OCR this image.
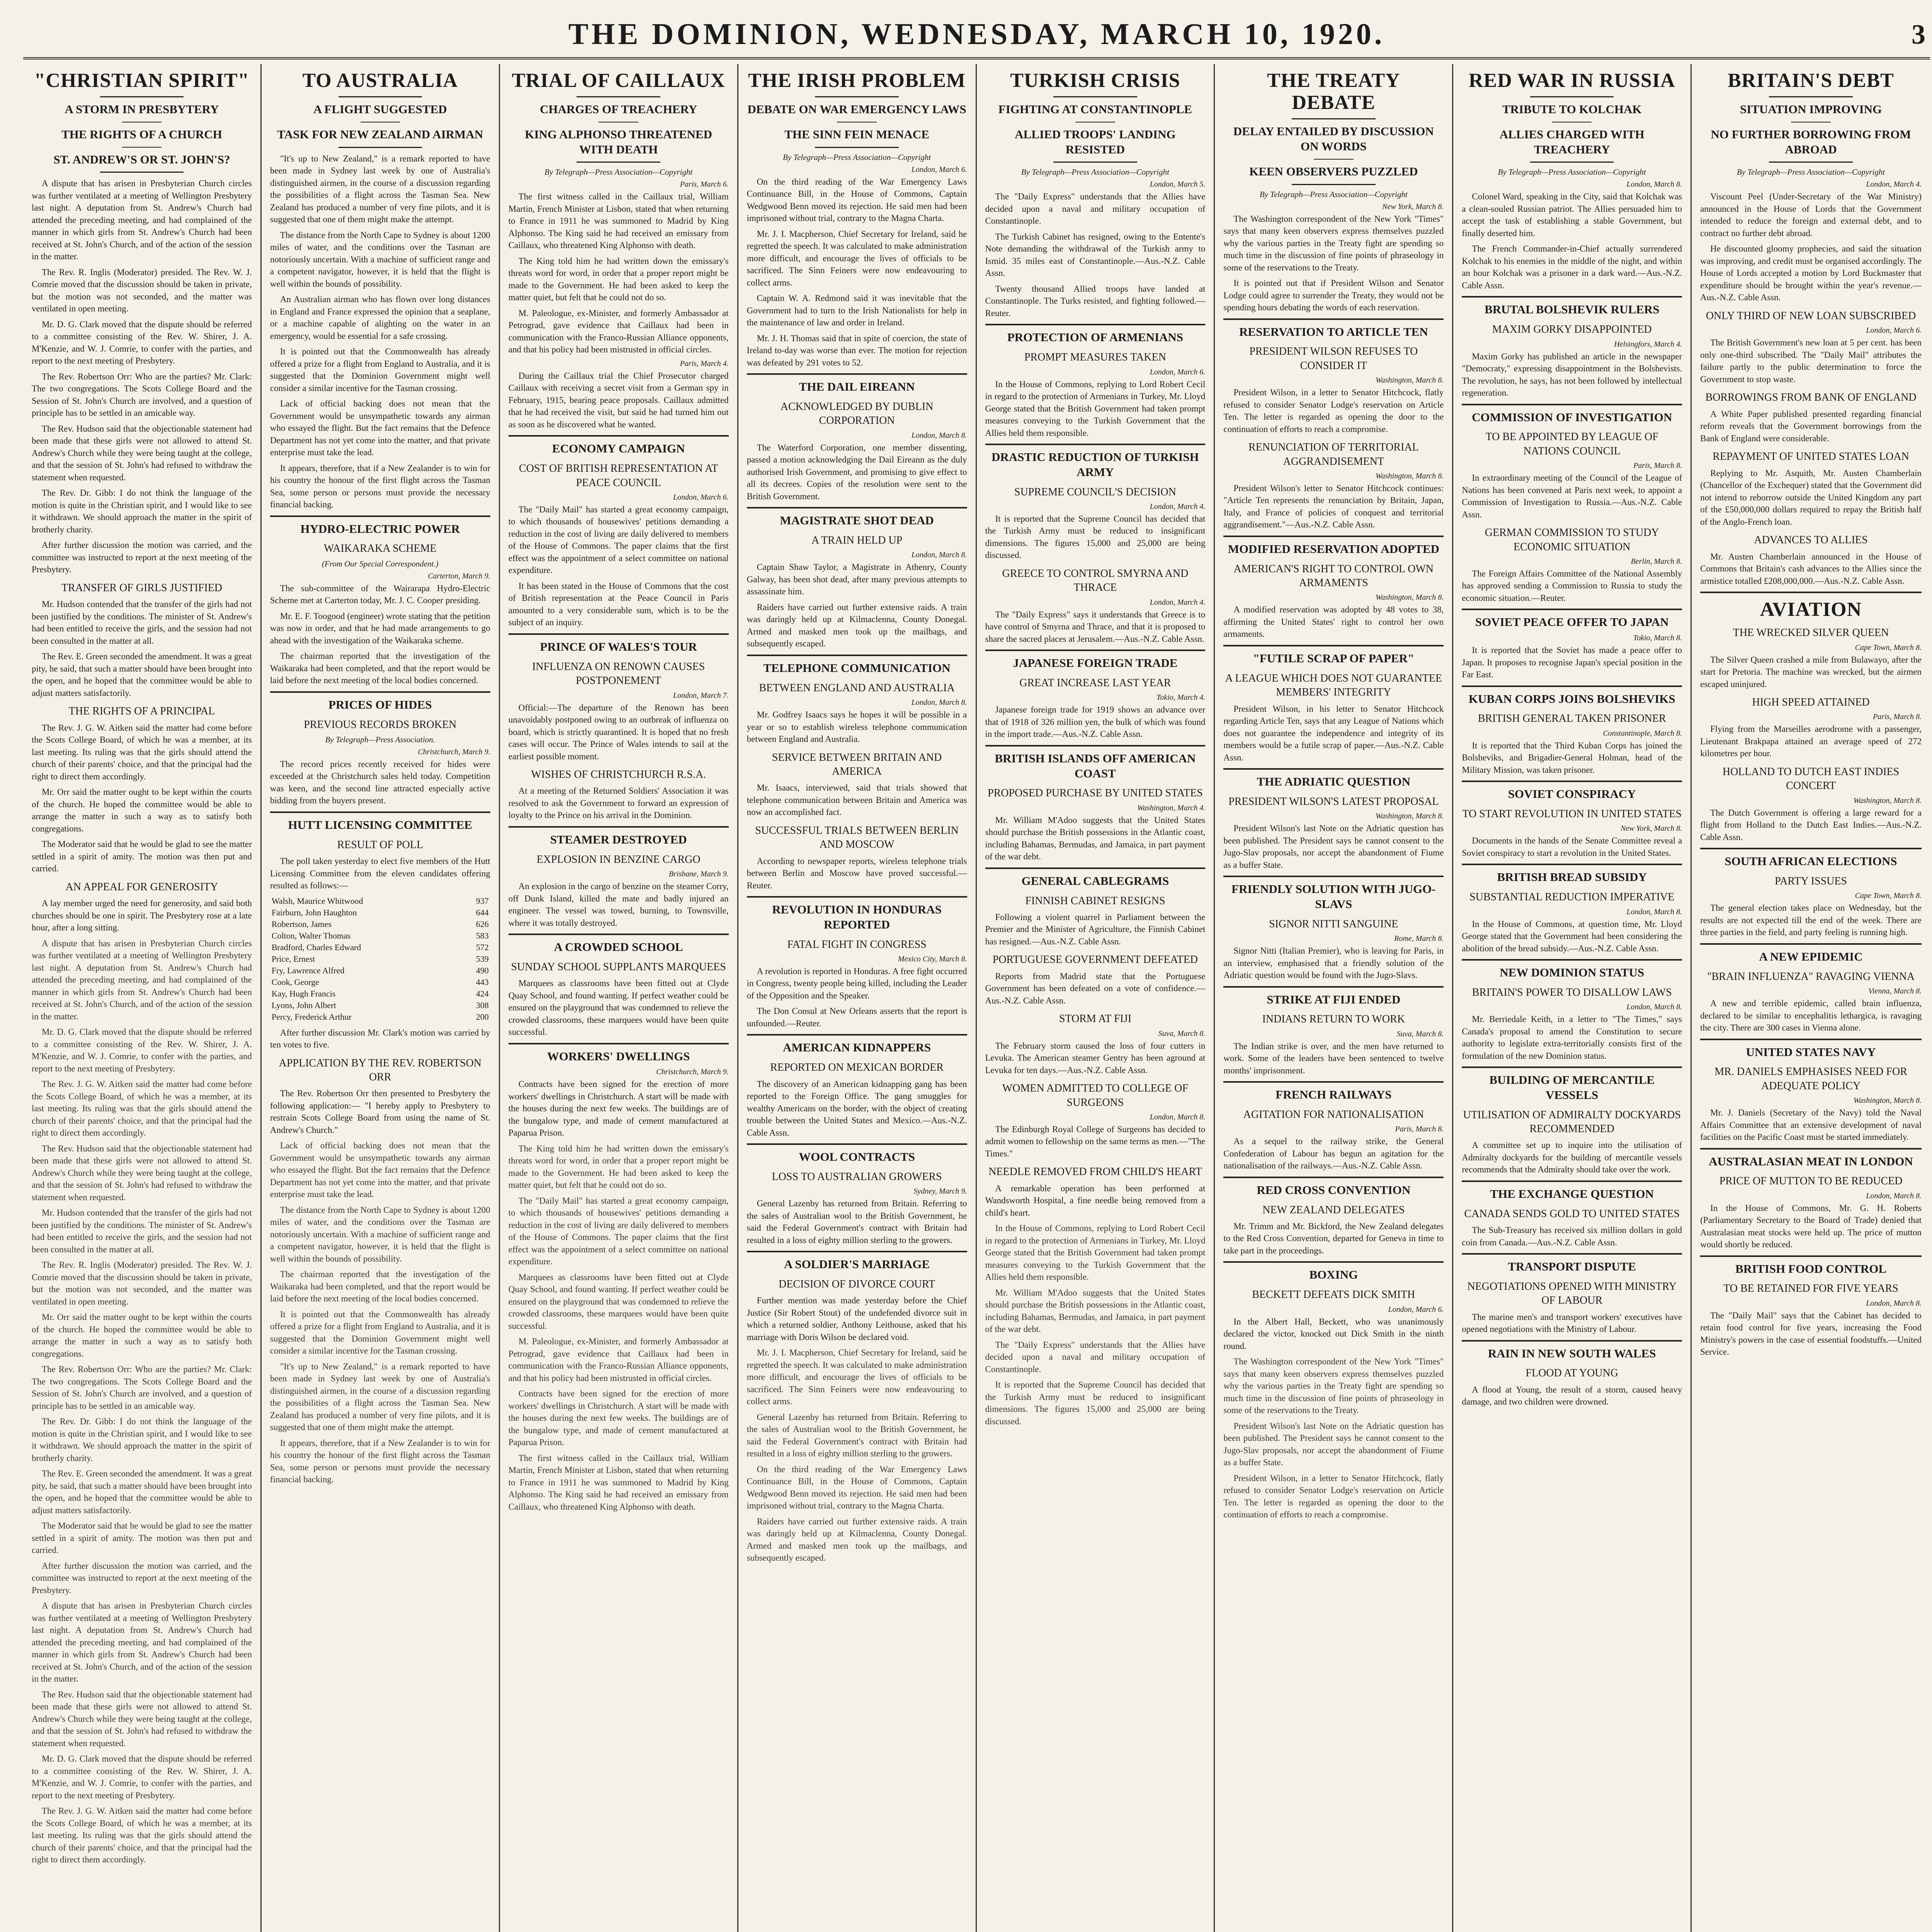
THE DOMINION, WEDNESDAY, MARCH 10, 1920.	3
"CHRISTIAN SPIRIT"
A STORM IN PRESBYTERY
THE RIGHTS OF A CHURCH
ST. ANDREW'S OR ST. JOHN'S?

A dispute that has arisen in Presbyterian Church circles was further ventilated at a meeting of Wellington Presbytery last night. A deputation from St. Andrew's Church had attended the preceding meeting, and had complained of the manner in which girls from St. Andrew's Church had been received at St. John's Church, and of the action of the session in the matter.

The Rev. R. Inglis (Moderator) presided. The Rev. W. J. Comrie moved that the discussion should be taken in private, but the motion was not seconded, and the matter was ventilated in open meeting.

Mr. D. G. Clark moved that the dispute should be referred to a committee consisting of the Rev. W. Shirer, J. A. M'Kenzie, and W. J. Comrie, to confer with the parties, and report to the next meeting of Presbytery.

The Rev. Robertson Orr: Who are the parties? Mr. Clark: The two congregations. The Scots College Board and the Session of St. John's Church are involved, and a question of principle has to be settled in an amicable way.

The Rev. Hudson said that the objectionable statement had been made that these girls were not allowed to attend St. Andrew's Church while they were being taught at the college, and that the session of St. John's had refused to withdraw the statement when requested.

The Rev. Dr. Gibb: I do not think the language of the motion is quite in the Christian spirit, and I would like to see it withdrawn. We should approach the matter in the spirit of brotherly charity.

After further discussion the motion was carried, and the committee was instructed to report at the next meeting of the Presbytery.

TRANSFER OF GIRLS JUSTIFIED

Mr. Hudson contended that the transfer of the girls had not been justified by the conditions. The minister of St. Andrew's had been entitled to receive the girls, and the session had not been consulted in the matter at all.

The Rev. E. Green seconded the amendment. It was a great pity, he said, that such a matter should have been brought into the open, and he hoped that the committee would be able to adjust matters satisfactorily.

THE RIGHTS OF A PRINCIPAL

The Rev. J. G. W. Aitken said the matter had come before the Scots College Board, of which he was a member, at its last meeting. Its ruling was that the girls should attend the church of their parents' choice, and that the principal had the right to direct them accordingly.

Mr. Orr said the matter ought to be kept within the courts of the church. He hoped the committee would be able to arrange the matter in such a way as to satisfy both congregations.

The Moderator said that he would be glad to see the matter settled in a spirit of amity. The motion was then put and carried.

AN APPEAL FOR GENEROSITY

A lay member urged the need for generosity, and said both churches should be one in spirit. The Presbytery rose at a late hour, after a long sitting.

A dispute that has arisen in Presbyterian Church circles was further ventilated at a meeting of Wellington Presbytery last night. A deputation from St. Andrew's Church had attended the preceding meeting, and had complained of the manner in which girls from St. Andrew's Church had been received at St. John's Church, and of the action of the session in the matter.

Mr. D. G. Clark moved that the dispute should be referred to a committee consisting of the Rev. W. Shirer, J. A. M'Kenzie, and W. J. Comrie, to confer with the parties, and report to the next meeting of Presbytery.

The Rev. J. G. W. Aitken said the matter had come before the Scots College Board, of which he was a member, at its last meeting. Its ruling was that the girls should attend the church of their parents' choice, and that the principal had the right to direct them accordingly.

The Rev. Hudson said that the objectionable statement had been made that these girls were not allowed to attend St. Andrew's Church while they were being taught at the college, and that the session of St. John's had refused to withdraw the statement when requested.

Mr. Hudson contended that the transfer of the girls had not been justified by the conditions. The minister of St. Andrew's had been entitled to receive the girls, and the session had not been consulted in the matter at all.

The Rev. R. Inglis (Moderator) presided. The Rev. W. J. Comrie moved that the discussion should be taken in private, but the motion was not seconded, and the matter was ventilated in open meeting.

Mr. Orr said the matter ought to be kept within the courts of the church. He hoped the committee would be able to arrange the matter in such a way as to satisfy both congregations.

The Rev. Robertson Orr: Who are the parties? Mr. Clark: The two congregations. The Scots College Board and the Session of St. John's Church are involved, and a question of principle has to be settled in an amicable way.

The Rev. Dr. Gibb: I do not think the language of the motion is quite in the Christian spirit, and I would like to see it withdrawn. We should approach the matter in the spirit of brotherly charity.

The Rev. E. Green seconded the amendment. It was a great pity, he said, that such a matter should have been brought into the open, and he hoped that the committee would be able to adjust matters satisfactorily.

The Moderator said that he would be glad to see the matter settled in a spirit of amity. The motion was then put and carried.

After further discussion the motion was carried, and the committee was instructed to report at the next meeting of the Presbytery.

A dispute that has arisen in Presbyterian Church circles was further ventilated at a meeting of Wellington Presbytery last night. A deputation from St. Andrew's Church had attended the preceding meeting, and had complained of the manner in which girls from St. Andrew's Church had been received at St. John's Church, and of the action of the session in the matter.

The Rev. Hudson said that the objectionable statement had been made that these girls were not allowed to attend St. Andrew's Church while they were being taught at the college, and that the session of St. John's had refused to withdraw the statement when requested.

Mr. D. G. Clark moved that the dispute should be referred to a committee consisting of the Rev. W. Shirer, J. A. M'Kenzie, and W. J. Comrie, to confer with the parties, and report to the next meeting of Presbytery.

The Rev. J. G. W. Aitken said the matter had come before the Scots College Board, of which he was a member, at its last meeting. Its ruling was that the girls should attend the church of their parents' choice, and that the principal had the right to direct them accordingly.

TO AUSTRALIA
A FLIGHT SUGGESTED
TASK FOR NEW ZEALAND AIRMAN

"It's up to New Zealand," is a remark reported to have been made in Sydney last week by one of Australia's distinguished airmen, in the course of a discussion regarding the possibilities of a flight across the Tasman Sea. New Zealand has produced a number of very fine pilots, and it is suggested that one of them might make the attempt.

The distance from the North Cape to Sydney is about 1200 miles of water, and the conditions over the Tasman are notoriously uncertain. With a machine of sufficient range and a competent navigator, however, it is held that the flight is well within the bounds of possibility.

An Australian airman who has flown over long distances in England and France expressed the opinion that a seaplane, or a machine capable of alighting on the water in an emergency, would be essential for a safe crossing.

It is pointed out that the Commonwealth has already offered a prize for a flight from England to Australia, and it is suggested that the Dominion Government might well consider a similar incentive for the Tasman crossing.

Lack of official backing does not mean that the Government would be unsympathetic towards any airman who essayed the flight. But the fact remains that the Defence Department has not yet come into the matter, and that private enterprise must take the lead.

It appears, therefore, that if a New Zealander is to win for his country the honour of the first flight across the Tasman Sea, some person or persons must provide the necessary financial backing.

HYDRO-ELECTRIC POWER
WAIKARAKA SCHEME
(From Our Special Correspondent.)
Carterton, March 9.

The sub-committee of the Wairarapa Hydro-Electric Scheme met at Carterton today, Mr. J. C. Cooper presiding.

Mr. E. F. Toogood (engineer) wrote stating that the petition was now in order, and that he had made arrangements to go ahead with the investigation of the Waikaraka scheme.

The chairman reported that the investigation of the Waikaraka had been completed, and that the report would be laid before the next meeting of the local bodies concerned.

PRICES OF HIDES
PREVIOUS RECORDS BROKEN
By Telegraph—Press Association.
Christchurch, March 9.

The record prices recently received for hides were exceeded at the Christchurch sales held today. Competition was keen, and the second line attracted especially active bidding from the buyers present.

HUTT LICENSING COMMITTEE
RESULT OF POLL

The poll taken yesterday to elect five members of the Hutt Licensing Committee from the eleven candidates offering resulted as follows:—

Walsh, Maurice Whitwood	937
Fairburn, John Haughton	644
Robertson, James	626
Colton, Walter Thomas	583
Bradford, Charles Edward	572
Price, Ernest	539
Fry, Lawrence Alfred	490
Cook, George	443
Kay, Hugh Francis	424
Lyons, John Albert	308
Percy, Frederick Arthur	200

After further discussion Mr. Clark's motion was carried by ten votes to five.

APPLICATION BY THE REV. ROBERTSON ORR

The Rev. Robertson Orr then presented to Presbytery the following application:— "I hereby apply to Presbytery to restrain Scots College Board from using the name of St. Andrew's Church."

Lack of official backing does not mean that the Government would be unsympathetic towards any airman who essayed the flight. But the fact remains that the Defence Department has not yet come into the matter, and that private enterprise must take the lead.

The distance from the North Cape to Sydney is about 1200 miles of water, and the conditions over the Tasman are notoriously uncertain. With a machine of sufficient range and a competent navigator, however, it is held that the flight is well within the bounds of possibility.

The chairman reported that the investigation of the Waikaraka had been completed, and that the report would be laid before the next meeting of the local bodies concerned.

It is pointed out that the Commonwealth has already offered a prize for a flight from England to Australia, and it is suggested that the Dominion Government might well consider a similar incentive for the Tasman crossing.

"It's up to New Zealand," is a remark reported to have been made in Sydney last week by one of Australia's distinguished airmen, in the course of a discussion regarding the possibilities of a flight across the Tasman Sea. New Zealand has produced a number of very fine pilots, and it is suggested that one of them might make the attempt.

It appears, therefore, that if a New Zealander is to win for his country the honour of the first flight across the Tasman Sea, some person or persons must provide the necessary financial backing.

TRIAL OF CAILLAUX
CHARGES OF TREACHERY
KING ALPHONSO THREATENED WITH DEATH
By Telegraph—Press Association—Copyright
Paris, March 6.

The first witness called in the Caillaux trial, William Martin, French Minister at Lisbon, stated that when returning to France in 1911 he was summoned to Madrid by King Alphonso. The King said he had received an emissary from Caillaux, who threatened King Alphonso with death.

The King told him he had written down the emissary's threats word for word, in order that a proper report might be made to the Government. He had been asked to keep the matter quiet, but felt that he could not do so.

M. Paleologue, ex-Minister, and formerly Ambassador at Petrograd, gave evidence that Caillaux had been in communication with the Franco-Russian Alliance opponents, and that his policy had been mistrusted in official circles.

Paris, March 4.

During the Caillaux trial the Chief Prosecutor charged Caillaux with receiving a secret visit from a German spy in February, 1915, bearing peace proposals. Caillaux admitted that he had received the visit, but said he had turned him out as soon as he discovered what he wanted.

ECONOMY CAMPAIGN
COST OF BRITISH REPRESENTATION AT PEACE COUNCIL
London, March 6.

The "Daily Mail" has started a great economy campaign, to which thousands of housewives' petitions demanding a reduction in the cost of living are daily delivered to members of the House of Commons. The paper claims that the first effect was the appointment of a select committee on national expenditure.

It has been stated in the House of Commons that the cost of British representation at the Peace Council in Paris amounted to a very considerable sum, which is to be the subject of an inquiry.

PRINCE OF WALES'S TOUR
INFLUENZA ON RENOWN CAUSES POSTPONEMENT
London, March 7.

Official:—The departure of the Renown has been unavoidably postponed owing to an outbreak of influenza on board, which is strictly quarantined. It is hoped that no fresh cases will occur. The Prince of Wales intends to sail at the earliest possible moment.

WISHES OF CHRISTCHURCH R.S.A.

At a meeting of the Returned Soldiers' Association it was resolved to ask the Government to forward an expression of loyalty to the Prince on his arrival in the Dominion.

STEAMER DESTROYED
EXPLOSION IN BENZINE CARGO
Brisbane, March 9.

An explosion in the cargo of benzine on the steamer Corry, off Dunk Island, killed the mate and badly injured an engineer. The vessel was towed, burning, to Townsville, where it was totally destroyed.

A CROWDED SCHOOL
SUNDAY SCHOOL SUPPLANTS MARQUEES

Marquees as classrooms have been fitted out at Clyde Quay School, and found wanting. If perfect weather could be ensured on the playground that was condemned to relieve the crowded classrooms, these marquees would have been quite successful.

WORKERS' DWELLINGS
Christchurch, March 9.

Contracts have been signed for the erection of more workers' dwellings in Christchurch. A start will be made with the houses during the next few weeks. The buildings are of the bungalow type, and made of cement manufactured at Paparua Prison.

The King told him he had written down the emissary's threats word for word, in order that a proper report might be made to the Government. He had been asked to keep the matter quiet, but felt that he could not do so.

The "Daily Mail" has started a great economy campaign, to which thousands of housewives' petitions demanding a reduction in the cost of living are daily delivered to members of the House of Commons. The paper claims that the first effect was the appointment of a select committee on national expenditure.

Marquees as classrooms have been fitted out at Clyde Quay School, and found wanting. If perfect weather could be ensured on the playground that was condemned to relieve the crowded classrooms, these marquees would have been quite successful.

M. Paleologue, ex-Minister, and formerly Ambassador at Petrograd, gave evidence that Caillaux had been in communication with the Franco-Russian Alliance opponents, and that his policy had been mistrusted in official circles.

Contracts have been signed for the erection of more workers' dwellings in Christchurch. A start will be made with the houses during the next few weeks. The buildings are of the bungalow type, and made of cement manufactured at Paparua Prison.

The first witness called in the Caillaux trial, William Martin, French Minister at Lisbon, stated that when returning to France in 1911 he was summoned to Madrid by King Alphonso. The King said he had received an emissary from Caillaux, who threatened King Alphonso with death.

THE IRISH PROBLEM
DEBATE ON WAR EMERGENCY LAWS
THE SINN FEIN MENACE
By Telegraph—Press Association—Copyright
London, March 6.

On the third reading of the War Emergency Laws Continuance Bill, in the House of Commons, Captain Wedgwood Benn moved its rejection. He said men had been imprisoned without trial, contrary to the Magna Charta.

Mr. J. I. Macpherson, Chief Secretary for Ireland, said he regretted the speech. It was calculated to make administration more difficult, and encourage the lives of officials to be sacrificed. The Sinn Feiners were now endeavouring to collect arms.

Captain W. A. Redmond said it was inevitable that the Government had to turn to the Irish Nationalists for help in the maintenance of law and order in Ireland.

Mr. J. H. Thomas said that in spite of coercion, the state of Ireland to-day was worse than ever. The motion for rejection was defeated by 291 votes to 52.

THE DAIL EIREANN
ACKNOWLEDGED BY DUBLIN CORPORATION
London, March 8.

The Waterford Corporation, one member dissenting, passed a motion acknowledging the Dail Eireann as the duly authorised Irish Government, and promising to give effect to all its decrees. Copies of the resolution were sent to the British Government.

MAGISTRATE SHOT DEAD
A TRAIN HELD UP
London, March 8.

Captain Shaw Taylor, a Magistrate in Athenry, County Galway, has been shot dead, after many previous attempts to assassinate him.

Raiders have carried out further extensive raids. A train was daringly held up at Kilmaclenna, County Donegal. Armed and masked men took up the mailbags, and subsequently escaped.

TELEPHONE COMMUNICATION
BETWEEN ENGLAND AND AUSTRALIA
London, March 8.

Mr. Godfrey Isaacs says he hopes it will be possible in a year or so to establish wireless telephone communication between England and Australia.

SERVICE BETWEEN BRITAIN AND AMERICA

Mr. Isaacs, interviewed, said that trials showed that telephone communication between Britain and America was now an accomplished fact.

SUCCESSFUL TRIALS BETWEEN BERLIN AND MOSCOW

According to newspaper reports, wireless telephone trials between Berlin and Moscow have proved successful.—Reuter.

REVOLUTION IN HONDURAS REPORTED
FATAL FIGHT IN CONGRESS
Mexico City, March 8.

A revolution is reported in Honduras. A free fight occurred in Congress, twenty people being killed, including the Leader of the Opposition and the Speaker.

The Don Consul at New Orleans asserts that the report is unfounded.—Reuter.

AMERICAN KIDNAPPERS
REPORTED ON MEXICAN BORDER

The discovery of an American kidnapping gang has been reported to the Foreign Office. The gang smuggles for wealthy Americans on the border, with the object of creating trouble between the United States and Mexico.—Aus.-N.Z. Cable Assn.

WOOL CONTRACTS
LOSS TO AUSTRALIAN GROWERS
Sydney, March 9.

General Lazenby has returned from Britain. Referring to the sales of Australian wool to the British Government, he said the Federal Government's contract with Britain had resulted in a loss of eighty million sterling to the growers.

A SOLDIER'S MARRIAGE
DECISION OF DIVORCE COURT

Further mention was made yesterday before the Chief Justice (Sir Robert Stout) of the undefended divorce suit in which a returned soldier, Anthony Leithouse, asked that his marriage with Doris Wilson be declared void.

Mr. J. I. Macpherson, Chief Secretary for Ireland, said he regretted the speech. It was calculated to make administration more difficult, and encourage the lives of officials to be sacrificed. The Sinn Feiners were now endeavouring to collect arms.

General Lazenby has returned from Britain. Referring to the sales of Australian wool to the British Government, he said the Federal Government's contract with Britain had resulted in a loss of eighty million sterling to the growers.

On the third reading of the War Emergency Laws Continuance Bill, in the House of Commons, Captain Wedgwood Benn moved its rejection. He said men had been imprisoned without trial, contrary to the Magna Charta.

Raiders have carried out further extensive raids. A train was daringly held up at Kilmaclenna, County Donegal. Armed and masked men took up the mailbags, and subsequently escaped.

TURKISH CRISIS
FIGHTING AT CONSTANTINOPLE
ALLIED TROOPS' LANDING RESISTED
By Telegraph—Press Association—Copyright
London, March 5.

The "Daily Express" understands that the Allies have decided upon a naval and military occupation of Constantinople.

The Turkish Cabinet has resigned, owing to the Entente's Note demanding the withdrawal of the Turkish army to Ismid. 35 miles east of Constantinople.—Aus.-N.Z. Cable Assn.

Twenty thousand Allied troops have landed at Constantinople. The Turks resisted, and fighting followed.—Reuter.

PROTECTION OF ARMENIANS
PROMPT MEASURES TAKEN
London, March 6.

In the House of Commons, replying to Lord Robert Cecil in regard to the protection of Armenians in Turkey, Mr. Lloyd George stated that the British Government had taken prompt measures conveying to the Turkish Government that the Allies held them responsible.

DRASTIC REDUCTION OF TURKISH ARMY
SUPREME COUNCIL'S DECISION
London, March 4.

It is reported that the Supreme Council has decided that the Turkish Army must be reduced to insignificant dimensions. The figures 15,000 and 25,000 are being discussed.

GREECE TO CONTROL SMYRNA AND THRACE
London, March 4.

The "Daily Express" says it understands that Greece is to have control of Smyrna and Thrace, and that it is proposed to share the sacred places at Jerusalem.—Aus.-N.Z. Cable Assn.

JAPANESE FOREIGN TRADE
GREAT INCREASE LAST YEAR
Tokio, March 4.

Japanese foreign trade for 1919 shows an advance over that of 1918 of 326 million yen, the bulk of which was found in the import trade.—Aus.-N.Z. Cable Assn.

BRITISH ISLANDS OFF AMERICAN COAST
PROPOSED PURCHASE BY UNITED STATES
Washington, March 4.

Mr. William M'Adoo suggests that the United States should purchase the British possessions in the Atlantic coast, including Bahamas, Bermudas, and Jamaica, in part payment of the war debt.

GENERAL CABLEGRAMS
FINNISH CABINET RESIGNS

Following a violent quarrel in Parliament between the Premier and the Minister of Agriculture, the Finnish Cabinet has resigned.—Aus.-N.Z. Cable Assn.

PORTUGUESE GOVERNMENT DEFEATED

Reports from Madrid state that the Portuguese Government has been defeated on a vote of confidence.—Aus.-N.Z. Cable Assn.

STORM AT FIJI
Suva, March 8.

The February storm caused the loss of four cutters in Levuka. The American steamer Gentry has been aground at Levuka for ten days.—Aus.-N.Z. Cable Assn.

WOMEN ADMITTED TO COLLEGE OF SURGEONS
London, March 8.

The Edinburgh Royal College of Surgeons has decided to admit women to fellowship on the same terms as men.—"The Times."

NEEDLE REMOVED FROM CHILD'S HEART

A remarkable operation has been performed at Wandsworth Hospital, a fine needle being removed from a child's heart.

In the House of Commons, replying to Lord Robert Cecil in regard to the protection of Armenians in Turkey, Mr. Lloyd George stated that the British Government had taken prompt measures conveying to the Turkish Government that the Allies held them responsible.

Mr. William M'Adoo suggests that the United States should purchase the British possessions in the Atlantic coast, including Bahamas, Bermudas, and Jamaica, in part payment of the war debt.

The "Daily Express" understands that the Allies have decided upon a naval and military occupation of Constantinople.

It is reported that the Supreme Council has decided that the Turkish Army must be reduced to insignificant dimensions. The figures 15,000 and 25,000 are being discussed.

THE TREATY DEBATE
DELAY ENTAILED BY DISCUSSION ON WORDS
KEEN OBSERVERS PUZZLED
By Telegraph—Press Association—Copyright
New York, March 8.

The Washington correspondent of the New York "Times" says that many keen observers express themselves puzzled why the various parties in the Treaty fight are spending so much time in the discussion of fine points of phraseology in some of the reservations to the Treaty.

It is pointed out that if President Wilson and Senator Lodge could agree to surrender the Treaty, they would not be spending hours debating the words of each reservation.

RESERVATION TO ARTICLE TEN
PRESIDENT WILSON REFUSES TO CONSIDER IT
Washington, March 8.

President Wilson, in a letter to Senator Hitchcock, flatly refused to consider Senator Lodge's reservation on Article Ten. The letter is regarded as opening the door to the continuation of efforts to reach a compromise.

RENUNCIATION OF TERRITORIAL AGGRANDISEMENT
Washington, March 8.

President Wilson's letter to Senator Hitchcock continues: "Article Ten represents the renunciation by Britain, Japan, Italy, and France of policies of conquest and territorial aggrandisement."—Aus.-N.Z. Cable Assn.

MODIFIED RESERVATION ADOPTED
AMERICAN'S RIGHT TO CONTROL OWN ARMAMENTS
Washington, March 8.

A modified reservation was adopted by 48 votes to 38, affirming the United States' right to control her own armaments.

"FUTILE SCRAP OF PAPER"
A LEAGUE WHICH DOES NOT GUARANTEE MEMBERS' INTEGRITY

President Wilson, in his letter to Senator Hitchcock regarding Article Ten, says that any League of Nations which does not guarantee the independence and integrity of its members would be a futile scrap of paper.—Aus.-N.Z. Cable Assn.

THE ADRIATIC QUESTION
PRESIDENT WILSON'S LATEST PROPOSAL
Washington, March 8.

President Wilson's last Note on the Adriatic question has been published. The President says he cannot consent to the Jugo-Slav proposals, nor accept the abandonment of Fiume as a buffer State.

FRIENDLY SOLUTION WITH JUGO-SLAVS
SIGNOR NITTI SANGUINE
Rome, March 8.

Signor Nitti (Italian Premier), who is leaving for Paris, in an interview, emphasised that a friendly solution of the Adriatic question would be found with the Jugo-Slavs.

STRIKE AT FIJI ENDED
INDIANS RETURN TO WORK
Suva, March 8.

The Indian strike is over, and the men have returned to work. Some of the leaders have been sentenced to twelve months' imprisonment.

FRENCH RAILWAYS
AGITATION FOR NATIONALISATION
Paris, March 8.

As a sequel to the railway strike, the General Confederation of Labour has begun an agitation for the nationalisation of the railways.—Aus.-N.Z. Cable Assn.

RED CROSS CONVENTION
NEW ZEALAND DELEGATES

Mr. Trimm and Mr. Bickford, the New Zealand delegates to the Red Cross Convention, departed for Geneva in time to take part in the proceedings.

BOXING
BECKETT DEFEATS DICK SMITH
London, March 6.

In the Albert Hall, Beckett, who was unanimously declared the victor, knocked out Dick Smith in the ninth round.

The Washington correspondent of the New York "Times" says that many keen observers express themselves puzzled why the various parties in the Treaty fight are spending so much time in the discussion of fine points of phraseology in some of the reservations to the Treaty.

President Wilson's last Note on the Adriatic question has been published. The President says he cannot consent to the Jugo-Slav proposals, nor accept the abandonment of Fiume as a buffer State.

President Wilson, in a letter to Senator Hitchcock, flatly refused to consider Senator Lodge's reservation on Article Ten. The letter is regarded as opening the door to the continuation of efforts to reach a compromise.

RED WAR IN RUSSIA
TRIBUTE TO KOLCHAK
ALLIES CHARGED WITH TREACHERY
By Telegraph—Press Association—Copyright
London, March 8.

Colonel Ward, speaking in the City, said that Kolchak was a clean-souled Russian patriot. The Allies persuaded him to accept the task of establishing a stable Government, but finally deserted him.

The French Commander-in-Chief actually surrendered Kolchak to his enemies in the middle of the night, and within an hour Kolchak was a prisoner in a dark ward.—Aus.-N.Z. Cable Assn.

BRUTAL BOLSHEVIK RULERS
MAXIM GORKY DISAPPOINTED
Helsingfors, March 4.

Maxim Gorky has published an article in the newspaper "Democraty," expressing disappointment in the Bolshevists. The revolution, he says, has not been followed by intellectual regeneration.

COMMISSION OF INVESTIGATION
TO BE APPOINTED BY LEAGUE OF NATIONS COUNCIL
Paris, March 8.

In extraordinary meeting of the Council of the League of Nations has been convened at Paris next week, to appoint a Commission of Investigation to Russia.—Aus.-N.Z. Cable Assn.

GERMAN COMMISSION TO STUDY ECONOMIC SITUATION
Berlin, March 8.

The Foreign Affairs Committee of the National Assembly has approved sending a Commission to Russia to study the economic situation.—Reuter.

SOVIET PEACE OFFER TO JAPAN
Tokio, March 8.

It is reported that the Soviet has made a peace offer to Japan. It proposes to recognise Japan's special position in the Far East.

KUBAN CORPS JOINS BOLSHEVIKS
BRITISH GENERAL TAKEN PRISONER
Constantinople, March 8.

It is reported that the Third Kuban Corps has joined the Bolsheviks, and Brigadier-General Holman, head of the Military Mission, was taken prisoner.

SOVIET CONSPIRACY
TO START REVOLUTION IN UNITED STATES
New York, March 8.

Documents in the hands of the Senate Committee reveal a Soviet conspiracy to start a revolution in the United States.

BRITISH BREAD SUBSIDY
SUBSTANTIAL REDUCTION IMPERATIVE
London, March 8.

In the House of Commons, at question time, Mr. Lloyd George stated that the Government had been considering the abolition of the bread subsidy.—Aus.-N.Z. Cable Assn.

NEW DOMINION STATUS
BRITAIN'S POWER TO DISALLOW LAWS
London, March 8.

Mr. Berriedale Keith, in a letter to "The Times," says Canada's proposal to amend the Constitution to secure authority to legislate extra-territorially consists first of the formulation of the new Dominion status.

BUILDING OF MERCANTILE VESSELS
UTILISATION OF ADMIRALTY DOCKYARDS RECOMMENDED

A committee set up to inquire into the utilisation of Admiralty dockyards for the building of mercantile vessels recommends that the Admiralty should take over the work.

THE EXCHANGE QUESTION
CANADA SENDS GOLD TO UNITED STATES

The Sub-Treasury has received six million dollars in gold coin from Canada.—Aus.-N.Z. Cable Assn.

TRANSPORT DISPUTE
NEGOTIATIONS OPENED WITH MINISTRY OF LABOUR

The marine men's and transport workers' executives have opened negotiations with the Ministry of Labour.

RAIN IN NEW SOUTH WALES
FLOOD AT YOUNG

A flood at Young, the result of a storm, caused heavy damage, and two children were drowned.

BRITAIN'S DEBT
SITUATION IMPROVING
NO FURTHER BORROWING FROM ABROAD
By Telegraph—Press Association—Copyright
London, March 4.

Viscount Peel (Under-Secretary of the War Ministry) announced in the House of Lords that the Government intended to reduce the foreign and external debt, and to contract no further debt abroad.

He discounted gloomy prophecies, and said the situation was improving, and credit must be organised accordingly. The House of Lords accepted a motion by Lord Buckmaster that expenditure should be brought within the year's revenue.—Aus.-N.Z. Cable Assn.

ONLY THIRD OF NEW LOAN SUBSCRIBED
London, March 6.

The British Government's new loan at 5 per cent. has been only one-third subscribed. The "Daily Mail" attributes the failure partly to the public determination to force the Government to stop waste.

BORROWINGS FROM BANK OF ENGLAND

A White Paper published presented regarding financial reform reveals that the Government borrowings from the Bank of England were considerable.

REPAYMENT OF UNITED STATES LOAN

Replying to Mr. Asquith, Mr. Austen Chamberlain (Chancellor of the Exchequer) stated that the Government did not intend to reborrow outside the United Kingdom any part of the £50,000,000 dollars required to repay the British half of the Anglo-French loan.

ADVANCES TO ALLIES

Mr. Austen Chamberlain announced in the House of Commons that Britain's cash advances to the Allies since the armistice totalled £208,000,000.—Aus.-N.Z. Cable Assn.

AVIATION
THE WRECKED SILVER QUEEN
Cape Town, March 8.

The Silver Queen crashed a mile from Bulawayo, after the start for Pretoria. The machine was wrecked, but the airmen escaped uninjured.

HIGH SPEED ATTAINED
Paris, March 8.

Flying from the Marseilles aerodrome with a passenger, Lieutenant Brakpapa attained an average speed of 272 kilometres per hour.

HOLLAND TO DUTCH EAST INDIES CONCERT
Washington, March 8.

The Dutch Government is offering a large reward for a flight from Holland to the Dutch East Indies.—Aus.-N.Z. Cable Assn.

SOUTH AFRICAN ELECTIONS
PARTY ISSUES
Cape Town, March 8.

The general election takes place on Wednesday, but the results are not expected till the end of the week. There are three parties in the field, and party feeling is running high.

A NEW EPIDEMIC
"BRAIN INFLUENZA" RAVAGING VIENNA
Vienna, March 8.

A new and terrible epidemic, called brain influenza, declared to be similar to encephalitis lethargica, is ravaging the city. There are 300 cases in Vienna alone.

UNITED STATES NAVY
MR. DANIELS EMPHASISES NEED FOR ADEQUATE POLICY
Washington, March 8.

Mr. J. Daniels (Secretary of the Navy) told the Naval Affairs Committee that an extensive development of naval facilities on the Pacific Coast must be started immediately.

AUSTRALASIAN MEAT IN LONDON
PRICE OF MUTTON TO BE REDUCED
London, March 8.

In the House of Commons, Mr. G. H. Roberts (Parliamentary Secretary to the Board of Trade) denied that Australasian meat stocks were held up. The price of mutton would shortly be reduced.

BRITISH FOOD CONTROL
TO BE RETAINED FOR FIVE YEARS
London, March 8.

The "Daily Mail" says that the Cabinet has decided to retain food control for five years, increasing the Food Ministry's powers in the case of essential foodstuffs.—United Service.
